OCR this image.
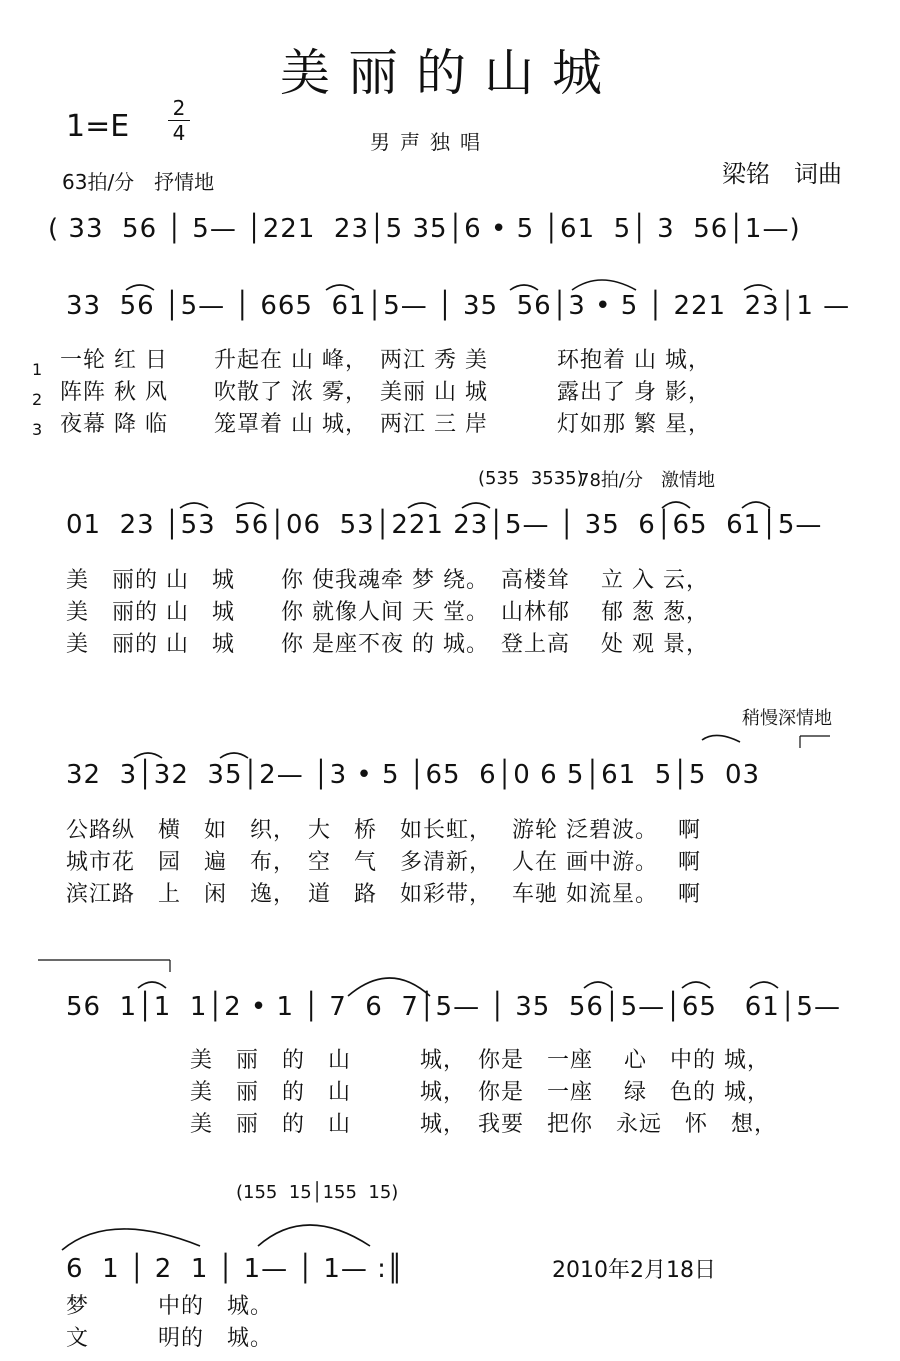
美丽的山城
1=E
2
4	男声独唱
63拍/分　抒情地	梁铭　词曲
( 33  56 │ 5— │221  23│5 35│6 • 5 │61  5│ 3  56│1—)
33  56 │5— │ 665  61│5— │ 35  56│3 • 5 │ 221  23│1 —
01  23 │53  56│06  53│221 23│5— │ 35  6│65  61│5—
32  3│32  35│2— │3 • 5 │65  6│0 6 5│61  5│5  03
56  1│1  1│2 • 1 │ 7  6  7│5— │ 35  56│5—│65   61│5—
6  1 │ 2  1 │ 1— │ 1— :║
1
2
3
一轮 红 日　　升起在 山 峰，　两江 秀 美　　　环抱着 山 城，
阵阵 秋 风　　吹散了 浓 雾，　美丽 山 城　　　露出了 身 影，
夜幕 降 临　　笼罩着 山 城，　两江 三 岸　　　灯如那 繁 星，
(535  3535)
78拍/分　激情地
美　丽的 山　城　　你 使我魂牵 梦 绕。　高楼耸　 立 入 云，
美　丽的 山　城　　你 就像人间 天 堂。　山林郁　 郁 葱 葱，
美　丽的 山　城　　你 是座不夜 的 城。　登上高　 处 观 景，
稍慢深情地
公路纵　横　如　织，　大　桥　如长虹，　 游轮 泛碧波。　 啊
城市花　园　遍　布，　空　气　多清新，　 人在 画中游。　 啊
滨江路　上　闲　逸，　道　路　如彩带，　 车驰 如流星。　 啊
美　丽　的　山　　　城，　你是　一座　 心　中的 城，
美　丽　的　山　　　城，　你是　一座　 绿　色的 城，
美　丽　的　山　　　城，　我要　把你　永远　怀　想，
(155  15│155  15)
梦　　　中的　城。
文　　　明的　城。
2010年2月18日
